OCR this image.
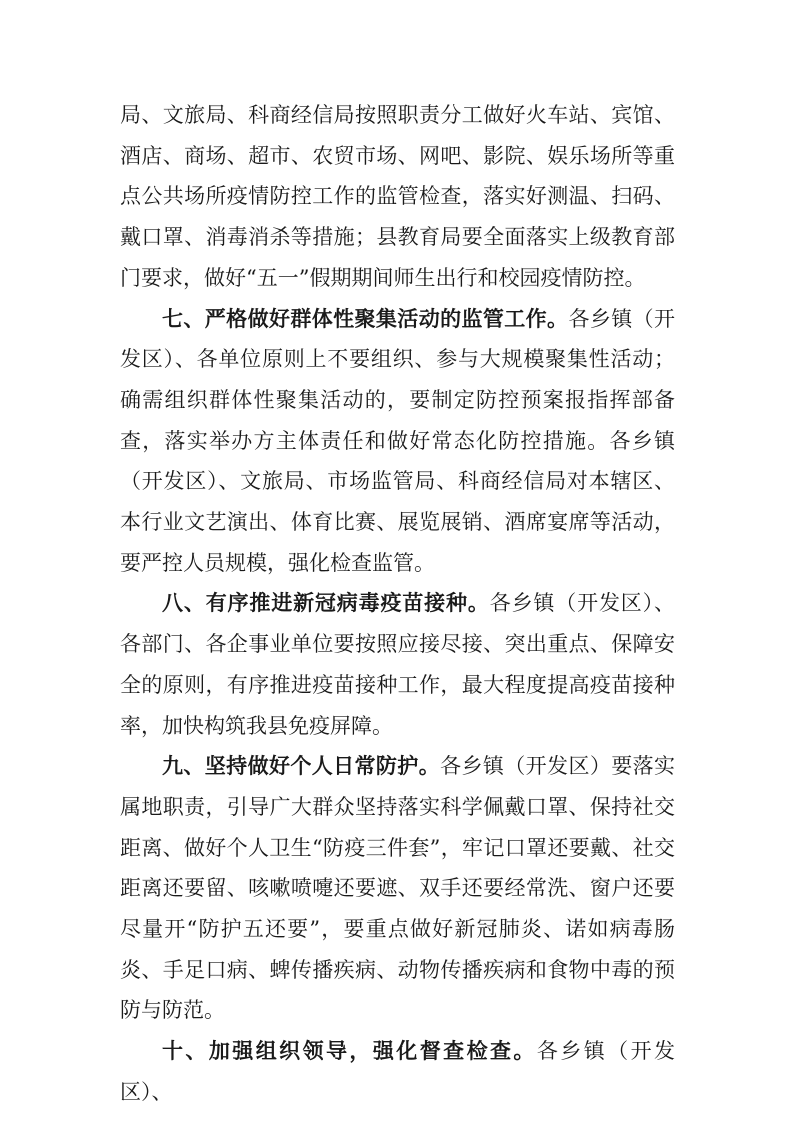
局、文旅局、科商经信局按照职责分工做好火车站、宾馆、酒店、商场、超市、农贸市场、网吧、影院、娱乐场所等重点公共场所疫情防控工作的监管检查，落实好测温、扫码、戴口罩、消毒消杀等措施；县教育局要全面落实上级教育部门要求，做好“五一”假期期间师生出行和校园疫情防控。

七、严格做好群体性聚集活动的监管工作。各乡镇（开发区）、各单位原则上不要组织、参与大规模聚集性活动；确需组织群体性聚集活动的，要制定防控预案报指挥部备查，落实举办方主体责任和做好常态化防控措施。各乡镇（开发区）、文旅局、市场监管局、科商经信局对本辖区、本行业文艺演出、体育比赛、展览展销、酒席宴席等活动，要严控人员规模，强化检查监管。

八、有序推进新冠病毒疫苗接种。各乡镇（开发区）、各部门、各企事业单位要按照应接尽接、突出重点、保障安全的原则，有序推进疫苗接种工作，最大程度提高疫苗接种率，加快构筑我县免疫屏障。

九、坚持做好个人日常防护。各乡镇（开发区）要落实属地职责，引导广大群众坚持落实科学佩戴口罩、保持社交距离、做好个人卫生“防疫三件套”，牢记口罩还要戴、社交距离还要留、咳嗽喷嚏还要遮、双手还要经常洗、窗户还要尽量开“防护五还要”，要重点做好新冠肺炎、诺如病毒肠炎、手足口病、蜱传播疾病、动物传播疾病和食物中毒的预防与防范。

十、加强组织领导，强化督查检查。各乡镇（开发区）、
